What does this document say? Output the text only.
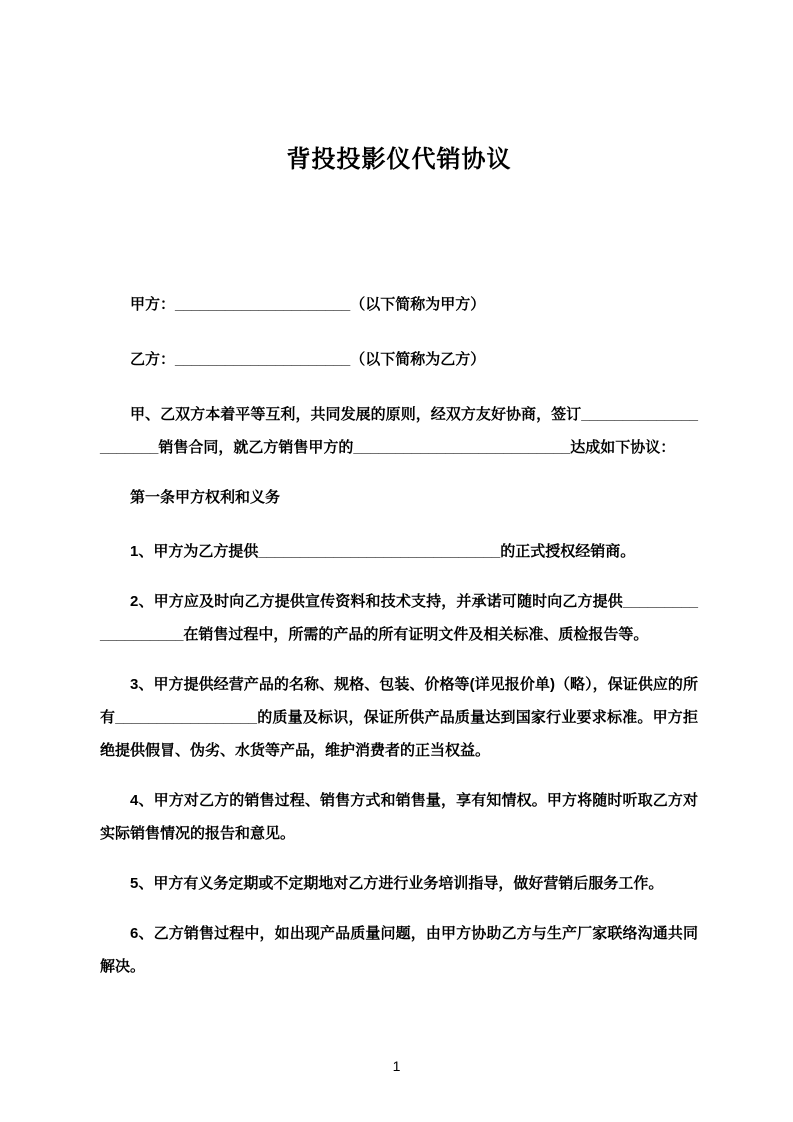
背投投影仪代销协议

甲方：_____________________（以下简称为甲方）

乙方：_____________________（以下简称为乙方）

甲、乙双方本着平等互利，共同发展的原则，经双方友好协商，签订_____________________销售合同，就乙方销售甲方的__________________________达成如下协议：

第一条甲方权利和义务

1、甲方为乙方提供_____________________________的正式授权经销商。

2、甲方应及时向乙方提供宣传资料和技术支持，并承诺可随时向乙方提供___________________在销售过程中，所需的产品的所有证明文件及相关标准、质检报告等。

3、甲方提供经营产品的名称、规格、包装、价格等(详见报价单)（略），保证供应的所有_________________的质量及标识，保证所供产品质量达到国家行业要求标准。甲方拒绝提供假冒、伪劣、水货等产品，维护消费者的正当权益。

4、甲方对乙方的销售过程、销售方式和销售量，享有知情权。甲方将随时听取乙方对实际销售情况的报告和意见。

5、甲方有义务定期或不定期地对乙方进行业务培训指导，做好营销后服务工作。

6、乙方销售过程中，如出现产品质量问题，由甲方协助乙方与生产厂家联络沟通共同解决。

1
